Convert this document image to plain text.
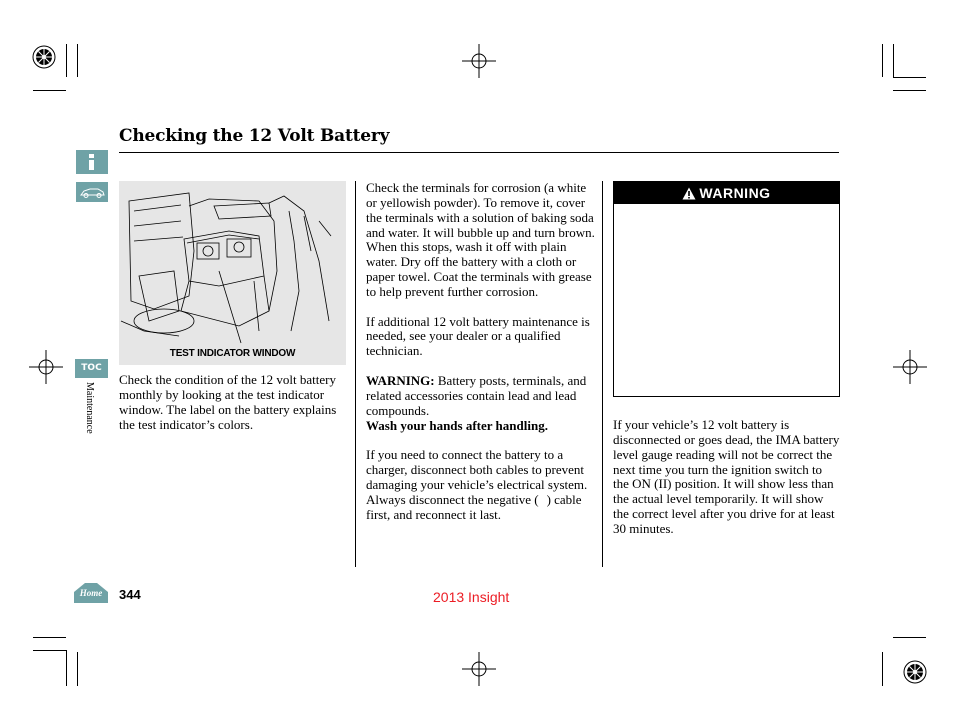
TOC
Maintenance
Home
Checking the 12 Volt Battery
TEST INDICATOR WINDOW

Check the condition of the 12 volt battery monthly by looking at the test indicator window. The label on the battery explains the test indicator’s colors.

Check the terminals for corrosion (a white or yellowish powder). To remove it, cover the terminals with a solution of baking soda and water. It will bubble up and turn brown. When this stops, wash it off with plain water. Dry off the battery with a cloth or paper towel. Coat the terminals with grease to help prevent further corrosion.

If additional 12 volt battery maintenance is needed, see your dealer or a qualified technician.

WARNING: Battery posts, terminals, and related accessories contain lead and lead compounds.
Wash your hands after handling.

If you need to connect the battery to a charger, disconnect both cables to prevent damaging your vehicle’s electrical system. Always disconnect the negative ( ) cable first, and reconnect it last.

WARNING

If your vehicle’s 12 volt battery is disconnected or goes dead, the IMA battery level gauge reading will not be correct the next time you turn the ignition switch to the ON (II) position. It will show less than the actual level temporarily. It will show the correct level after you drive for at least 30 minutes.

344	2013 Insight
